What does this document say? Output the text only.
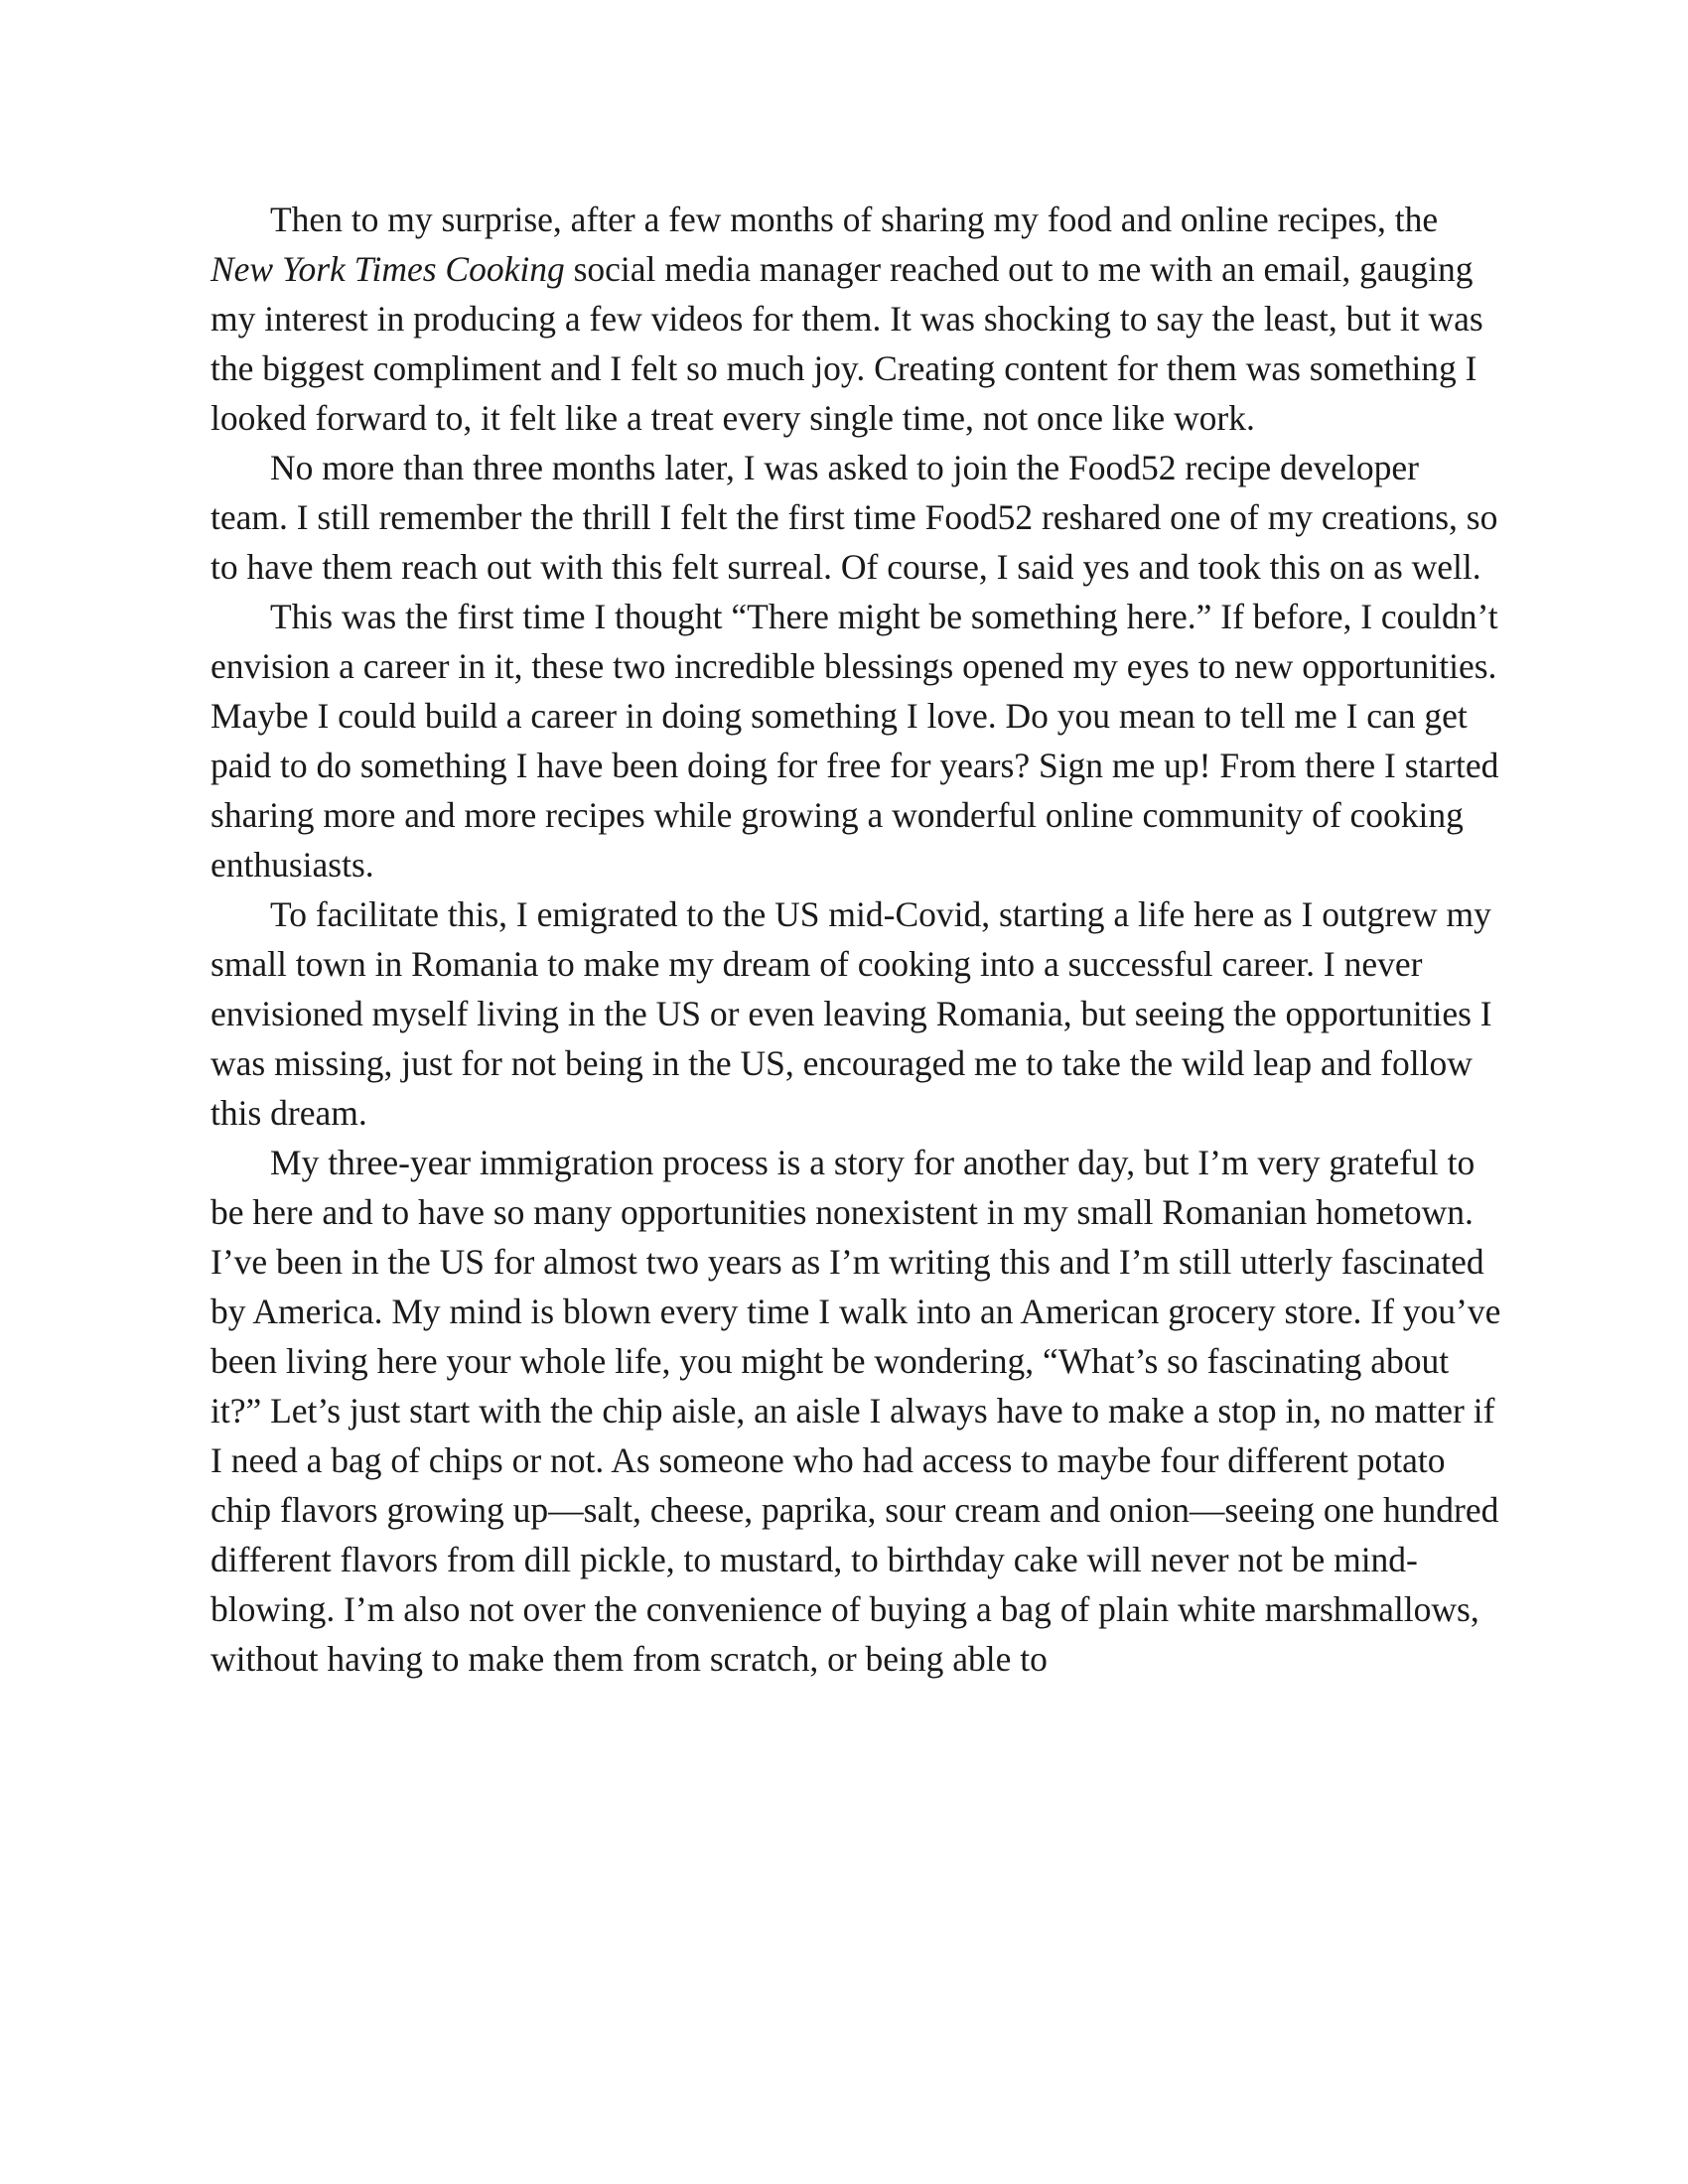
Then to my surprise, after a few months of sharing my food and online recipes, the New York Times Cooking social media manager reached out to me with an email, gauging my interest in producing a few videos for them. It was shocking to say the least, but it was the biggest compliment and I felt so much joy. Creating content for them was something I looked forward to, it felt like a treat every single time, not once like work.

No more than three months later, I was asked to join the Food52 recipe developer team. I still remember the thrill I felt the first time Food52 reshared one of my creations, so to have them reach out with this felt surreal. Of course, I said yes and took this on as well.

This was the first time I thought “There might be something here.” If before, I couldn’t envision a career in it, these two incredible blessings opened my eyes to new opportunities. Maybe I could build a career in doing something I love. Do you mean to tell me I can get paid to do something I have been doing for free for years? Sign me up! From there I started sharing more and more recipes while growing a wonderful online community of cooking enthusiasts.

To facilitate this, I emigrated to the US mid-Covid, starting a life here as I outgrew my small town in Romania to make my dream of cooking into a successful career. I never envisioned myself living in the US or even leaving Romania, but seeing the opportunities I was missing, just for not being in the US, encouraged me to take the wild leap and follow this dream.

My three-year immigration process is a story for another day, but I’m very grateful to be here and to have so many opportunities nonexistent in my small Romanian hometown. I’ve been in the US for almost two years as I’m writing this and I’m still utterly fascinated by America. My mind is blown every time I walk into an American grocery store. If you’ve been living here your whole life, you might be wondering, “What’s so fascinating about it?” Let’s just start with the chip aisle, an aisle I always have to make a stop in, no matter if I need a bag of chips or not. As someone who had access to maybe four different potato chip flavors growing up—salt, cheese, paprika, sour cream and onion—seeing one hundred different flavors from dill pickle, to mustard, to birthday cake will never not be mind-blowing. I’m also not over the convenience of buying a bag of plain white marshmallows, without having to make them from scratch, or being able to
